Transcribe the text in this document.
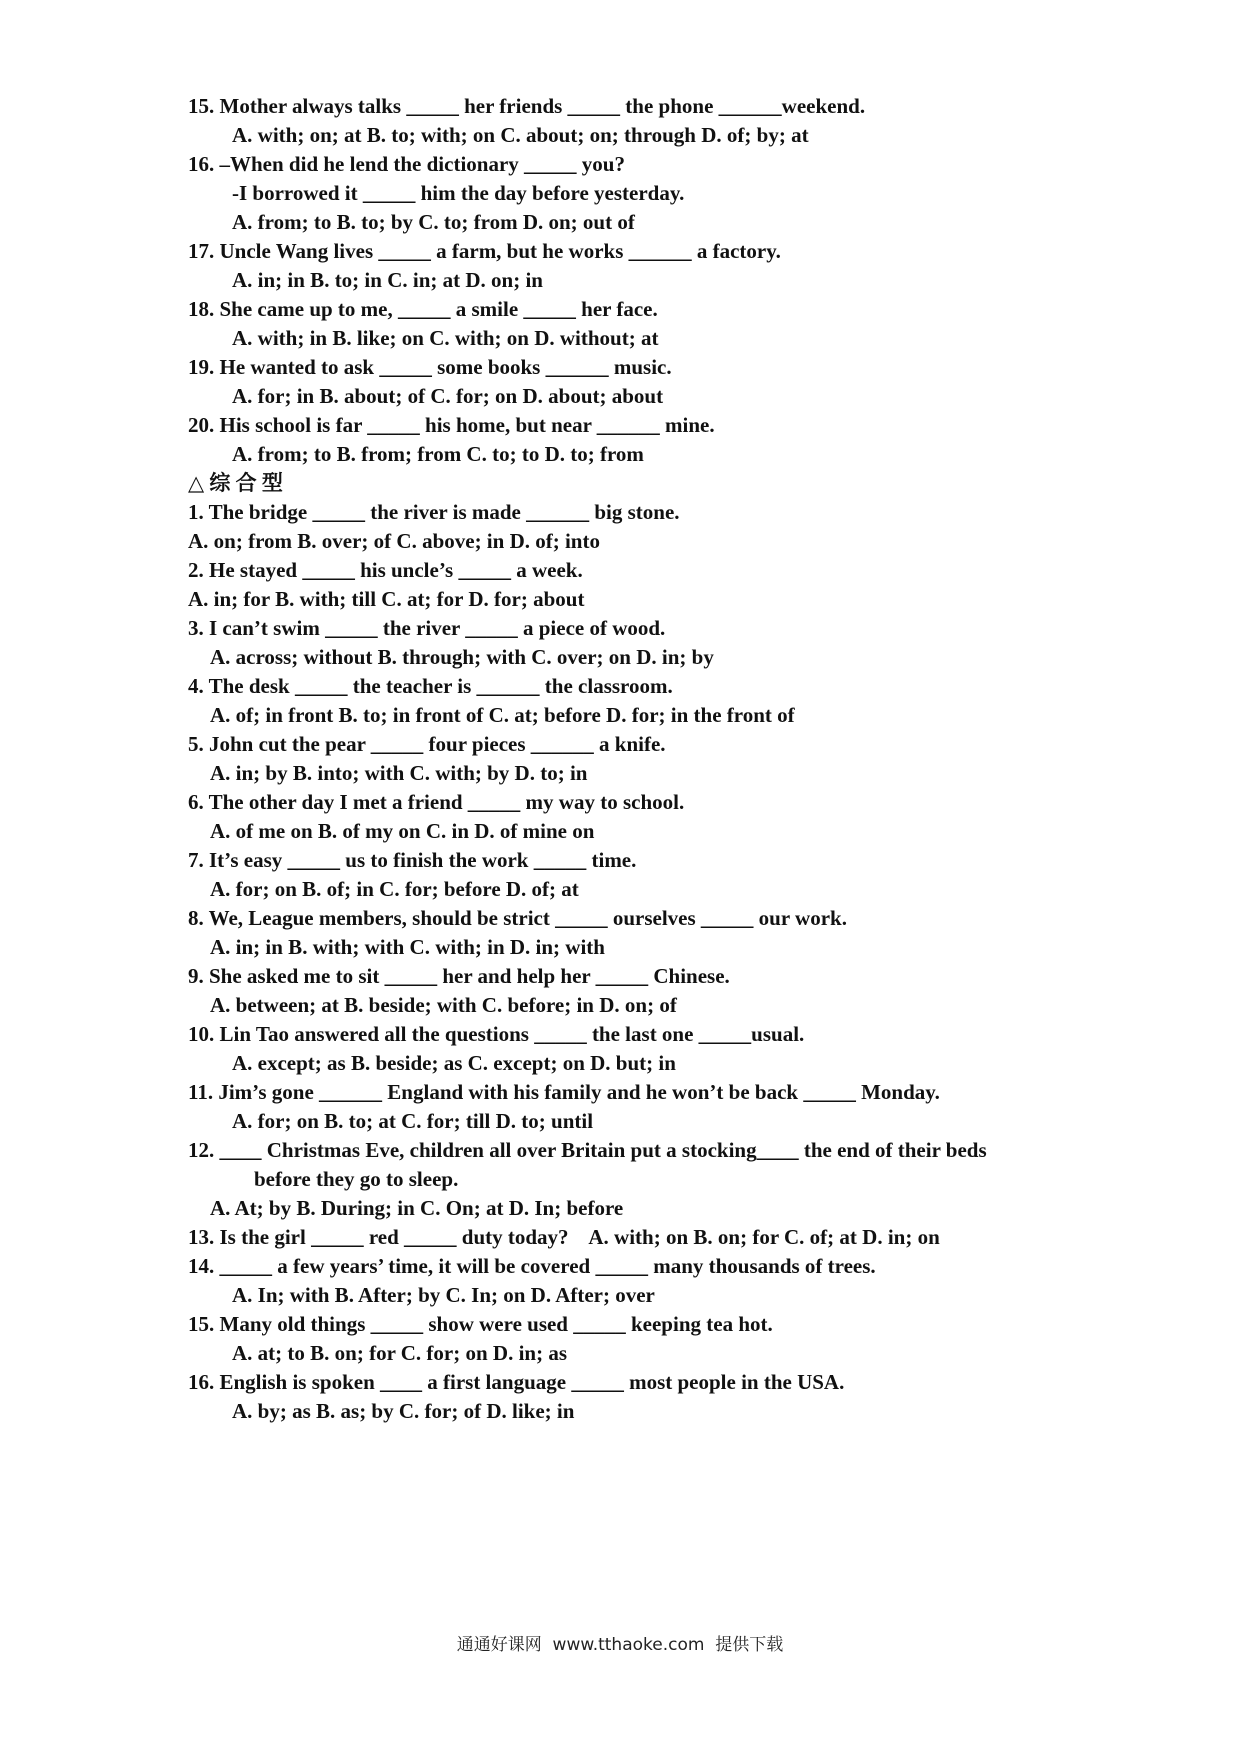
15. Mother always talks _____ her friends _____ the phone ______weekend.
A. with; on; at B. to; with; on C. about; on; through D. of; by; at
16. –When did he lend the dictionary _____ you?
-I borrowed it _____ him the day before yesterday.
A. from; to B. to; by C. to; from D. on; out of
17. Uncle Wang lives _____ a farm, but he works ______ a factory.
A. in; in B. to; in C. in; at D. on; in
18. She came up to me, _____ a smile _____ her face.
A. with; in B. like; on C. with; on D. without; at
19. He wanted to ask _____ some books ______ music.
A. for; in B. about; of C. for; on D. about; about
20. His school is far _____ his home, but near ______ mine.
A. from; to B. from; from C. to; to D. to; from
△ 综 合 型
1. The bridge _____ the river is made ______ big stone.
A. on; from B. over; of C. above; in D. of; into
2. He stayed _____ his uncle’s _____ a week.
A. in; for B. with; till C. at; for D. for; about
3. I can’t swim _____ the river _____ a piece of wood.
A. across; without B. through; with C. over; on D. in; by
4. The desk _____ the teacher is ______ the classroom.
A. of; in front B. to; in front of C. at; before D. for; in the front of
5. John cut the pear _____ four pieces ______ a knife.
A. in; by B. into; with C. with; by D. to; in
6. The other day I met a friend _____ my way to school.
A. of me on B. of my on C. in D. of mine on
7. It’s easy _____ us to finish the work _____ time.
A. for; on B. of; in C. for; before D. of; at
8. We, League members, should be strict _____ ourselves _____ our work.
A. in; in B. with; with C. with; in D. in; with
9. She asked me to sit _____ her and help her _____ Chinese.
A. between; at B. beside; with C. before; in D. on; of
10. Lin Tao answered all the questions _____ the last one _____usual.
A. except; as B. beside; as C. except; on D. but; in
11. Jim’s gone ______ England with his family and he won’t be back _____ Monday.
A. for; on B. to; at C. for; till D. to; until
12. ____ Christmas Eve, children all over Britain put a stocking____ the end of their beds
before they go to sleep.
A. At; by B. During; in C. On; at D. In; before
13. Is the girl _____ red _____ duty today?    A. with; on B. on; for C. of; at D. in; on
14. _____ a few years’ time, it will be covered _____ many thousands of trees.
A. In; with B. After; by C. In; on D. After; over
15. Many old things _____ show were used _____ keeping tea hot.
A. at; to B. on; for C. for; on D. in; as
16. English is spoken ____ a first language _____ most people in the USA.
A. by; as B. as; by C. for; of D. like; in
通通好课网  www.tthaoke.com  提供下载
